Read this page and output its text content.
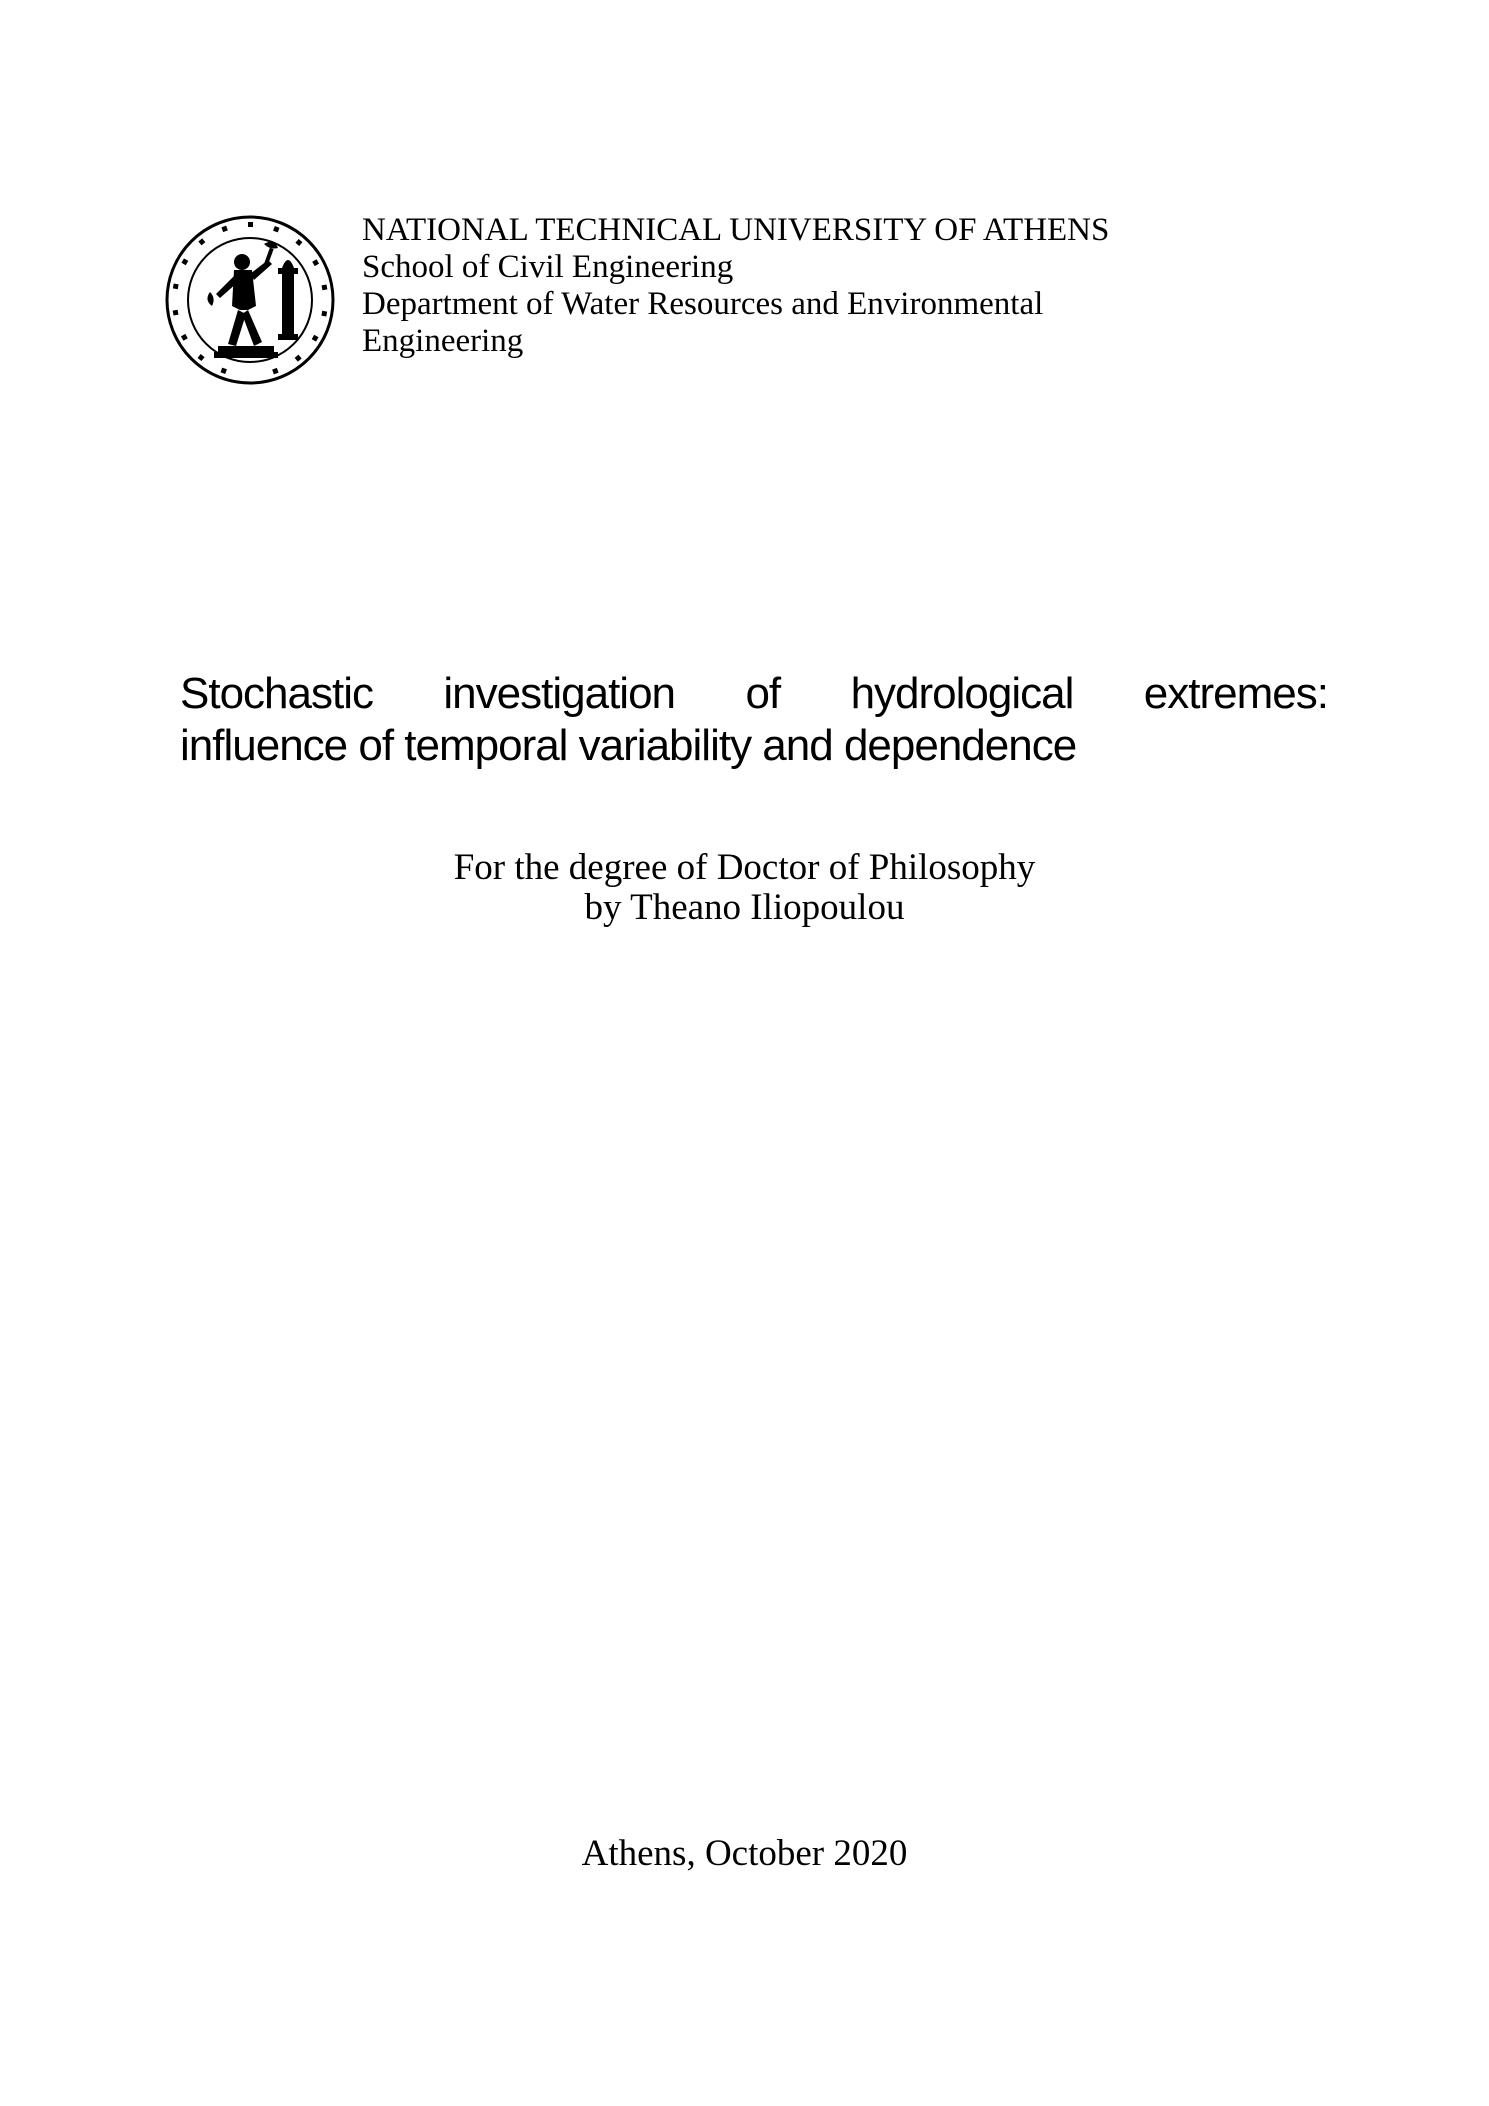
NATIONAL TECHNICAL UNIVERSITY OF ATHENS
School of Civil Engineering
Department of Water Resources and Environmental
Engineering
Stochastic investigation of hydrological extremes:
influence of temporal variability and dependence
For the degree of Doctor of Philosophy
by Theano Iliopoulou
Athens, October 2020
